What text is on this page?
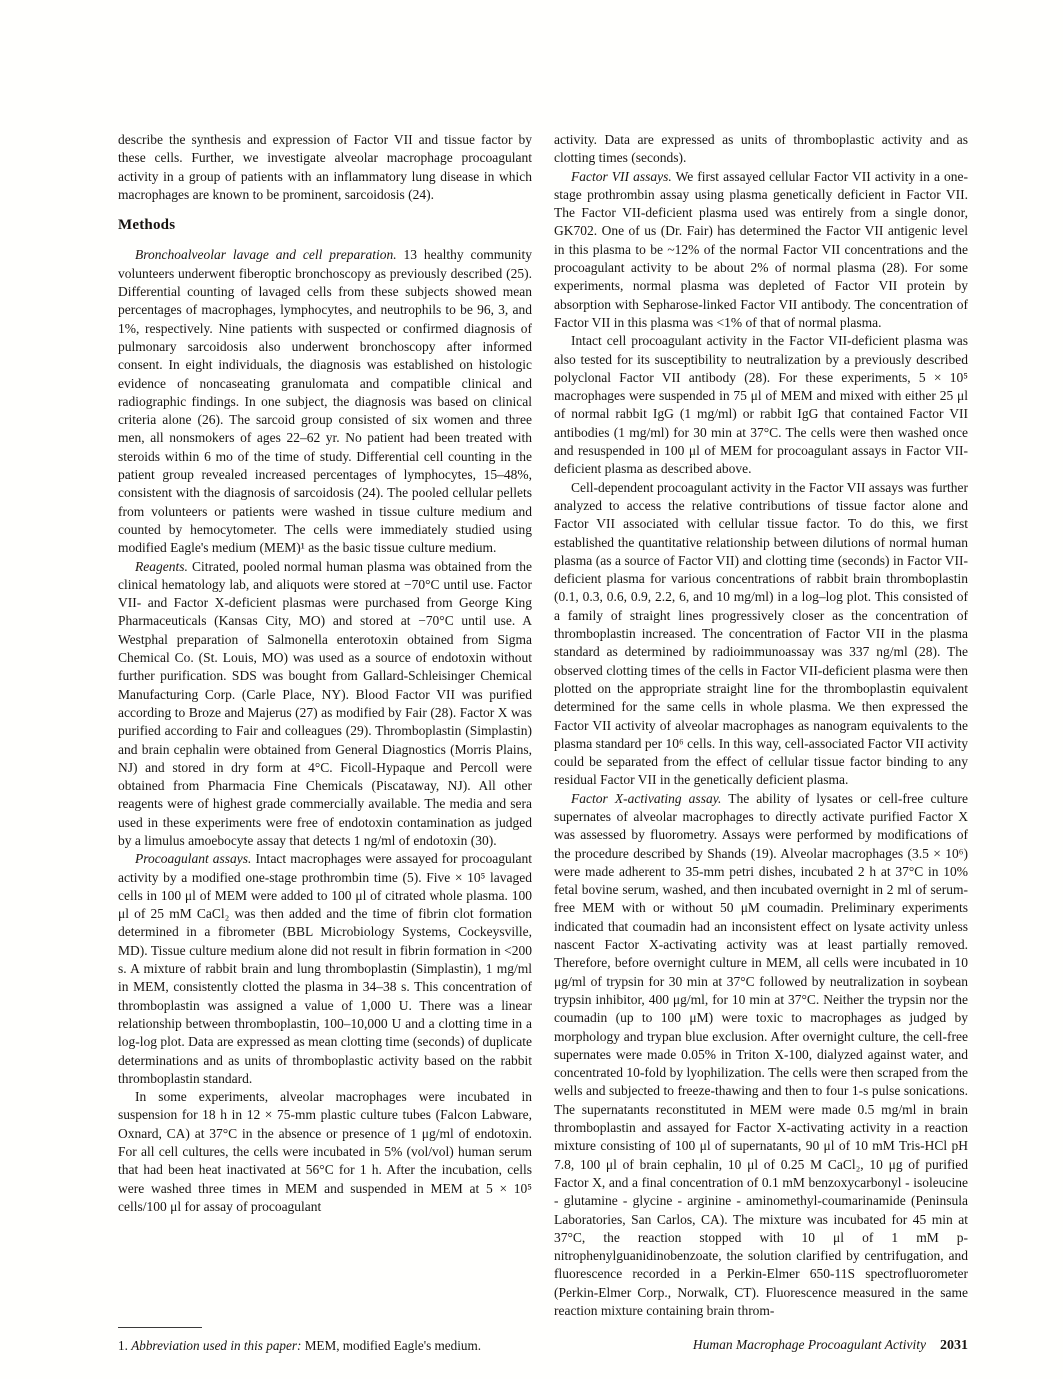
describe the synthesis and expression of Factor VII and tissue factor by these cells. Further, we investigate alveolar macrophage procoagulant activity in a group of patients with an inflammatory lung disease in which macrophages are known to be prominent, sarcoidosis (24).

Methods

Bronchoalveolar lavage and cell preparation. 13 healthy community volunteers underwent fiberoptic bronchoscopy as previously described (25). Differential counting of lavaged cells from these subjects showed mean percentages of macrophages, lymphocytes, and neutrophils to be 96, 3, and 1%, respectively. Nine patients with suspected or confirmed diagnosis of pulmonary sarcoidosis also underwent bronchoscopy after informed consent. In eight individuals, the diagnosis was established on histologic evidence of noncaseating granulomata and compatible clinical and radiographic findings. In one subject, the diagnosis was based on clinical criteria alone (26). The sarcoid group consisted of six women and three men, all nonsmokers of ages 22–62 yr. No patient had been treated with steroids within 6 mo of the time of study. Differential cell counting in the patient group revealed increased percentages of lymphocytes, 15–48%, consistent with the diagnosis of sarcoidosis (24). The pooled cellular pellets from volunteers or patients were washed in tissue culture medium and counted by hemocytometer. The cells were immediately studied using modified Eagle's medium (MEM)¹ as the basic tissue culture medium.

Reagents. Citrated, pooled normal human plasma was obtained from the clinical hematology lab, and aliquots were stored at −70°C until use. Factor VII- and Factor X-deficient plasmas were purchased from George King Pharmaceuticals (Kansas City, MO) and stored at −70°C until use. A Westphal preparation of Salmonella enterotoxin obtained from Sigma Chemical Co. (St. Louis, MO) was used as a source of endotoxin without further purification. SDS was bought from Gallard-Schleisinger Chemical Manufacturing Corp. (Carle Place, NY). Blood Factor VII was purified according to Broze and Majerus (27) as modified by Fair (28). Factor X was purified according to Fair and colleagues (29). Thromboplastin (Simplastin) and brain cephalin were obtained from General Diagnostics (Morris Plains, NJ) and stored in dry form at 4°C. Ficoll-Hypaque and Percoll were obtained from Pharmacia Fine Chemicals (Piscataway, NJ). All other reagents were of highest grade commercially available. The media and sera used in these experiments were free of endotoxin contamination as judged by a limulus amoebocyte assay that detects 1 ng/ml of endotoxin (30).

Procoagulant assays. Intact macrophages were assayed for procoagulant activity by a modified one-stage prothrombin time (5). Five × 10⁵ lavaged cells in 100 μl of MEM were added to 100 μl of citrated whole plasma. 100 μl of 25 mM CaCl₂ was then added and the time of fibrin clot formation determined in a fibrometer (BBL Microbiology Systems, Cockeysville, MD). Tissue culture medium alone did not result in fibrin formation in <200 s. A mixture of rabbit brain and lung thromboplastin (Simplastin), 1 mg/ml in MEM, consistently clotted the plasma in 34–38 s. This concentration of thromboplastin was assigned a value of 1,000 U. There was a linear relationship between thromboplastin, 100–10,000 U and a clotting time in a log-log plot. Data are expressed as mean clotting time (seconds) of duplicate determinations and as units of thromboplastic activity based on the rabbit thromboplastin standard.

In some experiments, alveolar macrophages were incubated in suspension for 18 h in 12 × 75-mm plastic culture tubes (Falcon Labware, Oxnard, CA) at 37°C in the absence or presence of 1 μg/ml of endotoxin. For all cell cultures, the cells were incubated in 5% (vol/vol) human serum that had been heat inactivated at 56°C for 1 h. After the incubation, cells were washed three times in MEM and suspended in MEM at 5 × 10⁵ cells/100 μl for assay of procoagulant

1. Abbreviation used in this paper: MEM, modified Eagle's medium.

activity. Data are expressed as units of thromboplastic activity and as clotting times (seconds).

Factor VII assays. We first assayed cellular Factor VII activity in a one-stage prothrombin assay using plasma genetically deficient in Factor VII. The Factor VII-deficient plasma used was entirely from a single donor, GK702. One of us (Dr. Fair) has determined the Factor VII antigenic level in this plasma to be ~12% of the normal Factor VII concentrations and the procoagulant activity to be about 2% of normal plasma (28). For some experiments, normal plasma was depleted of Factor VII protein by absorption with Sepharose-linked Factor VII antibody. The concentration of Factor VII in this plasma was <1% of that of normal plasma.

Intact cell procoagulant activity in the Factor VII-deficient plasma was also tested for its susceptibility to neutralization by a previously described polyclonal Factor VII antibody (28). For these experiments, 5 × 10⁵ macrophages were suspended in 75 μl of MEM and mixed with either 25 μl of normal rabbit IgG (1 mg/ml) or rabbit IgG that contained Factor VII antibodies (1 mg/ml) for 30 min at 37°C. The cells were then washed once and resuspended in 100 μl of MEM for procoagulant assays in Factor VII-deficient plasma as described above.

Cell-dependent procoagulant activity in the Factor VII assays was further analyzed to access the relative contributions of tissue factor alone and Factor VII associated with cellular tissue factor. To do this, we first established the quantitative relationship between dilutions of normal human plasma (as a source of Factor VII) and clotting time (seconds) in Factor VII-deficient plasma for various concentrations of rabbit brain thromboplastin (0.1, 0.3, 0.6, 0.9, 2.2, 6, and 10 mg/ml) in a log–log plot. This consisted of a family of straight lines progressively closer as the concentration of thromboplastin increased. The concentration of Factor VII in the plasma standard as determined by radioimmunoassay was 337 ng/ml (28). The observed clotting times of the cells in Factor VII-deficient plasma were then plotted on the appropriate straight line for the thromboplastin equivalent determined for the same cells in whole plasma. We then expressed the Factor VII activity of alveolar macrophages as nanogram equivalents to the plasma standard per 10⁶ cells. In this way, cell-associated Factor VII activity could be separated from the effect of cellular tissue factor binding to any residual Factor VII in the genetically deficient plasma.

Factor X-activating assay. The ability of lysates or cell-free culture supernates of alveolar macrophages to directly activate purified Factor X was assessed by fluorometry. Assays were performed by modifications of the procedure described by Shands (19). Alveolar macrophages (3.5 × 10⁶) were made adherent to 35-mm petri dishes, incubated 2 h at 37°C in 10% fetal bovine serum, washed, and then incubated overnight in 2 ml of serum-free MEM with or without 50 μM coumadin. Preliminary experiments indicated that coumadin had an inconsistent effect on lysate activity unless nascent Factor X-activating activity was at least partially removed. Therefore, before overnight culture in MEM, all cells were incubated in 10 μg/ml of trypsin for 30 min at 37°C followed by neutralization in soybean trypsin inhibitor, 400 μg/ml, for 10 min at 37°C. Neither the trypsin nor the coumadin (up to 100 μM) were toxic to macrophages as judged by morphology and trypan blue exclusion. After overnight culture, the cell-free supernates were made 0.05% in Triton X-100, dialyzed against water, and concentrated 10-fold by lyophilization. The cells were then scraped from the wells and subjected to freeze-thawing and then to four 1-s pulse sonications. The supernatants reconstituted in MEM were made 0.5 mg/ml in brain thromboplastin and assayed for Factor X-activating activity in a reaction mixture consisting of 100 μl of supernatants, 90 μl of 10 mM Tris-HCl pH 7.8, 100 μl of brain cephalin, 10 μl of 0.25 M CaCl₂, 10 μg of purified Factor X, and a final concentration of 0.1 mM benzoxycarbonyl - isoleucine - glutamine - glycine - arginine - aminomethyl-coumarinamide (Peninsula Laboratories, San Carlos, CA). The mixture was incubated for 45 min at 37°C, the reaction stopped with 10 μl of 1 mM p-nitrophenylguanidinobenzoate, the solution clarified by centrifugation, and fluorescence recorded in a Perkin-Elmer 650-11S spectrofluorometer (Perkin-Elmer Corp., Norwalk, CT). Fluorescence measured in the same reaction mixture containing brain throm-

Human Macrophage Procoagulant Activity 2031
